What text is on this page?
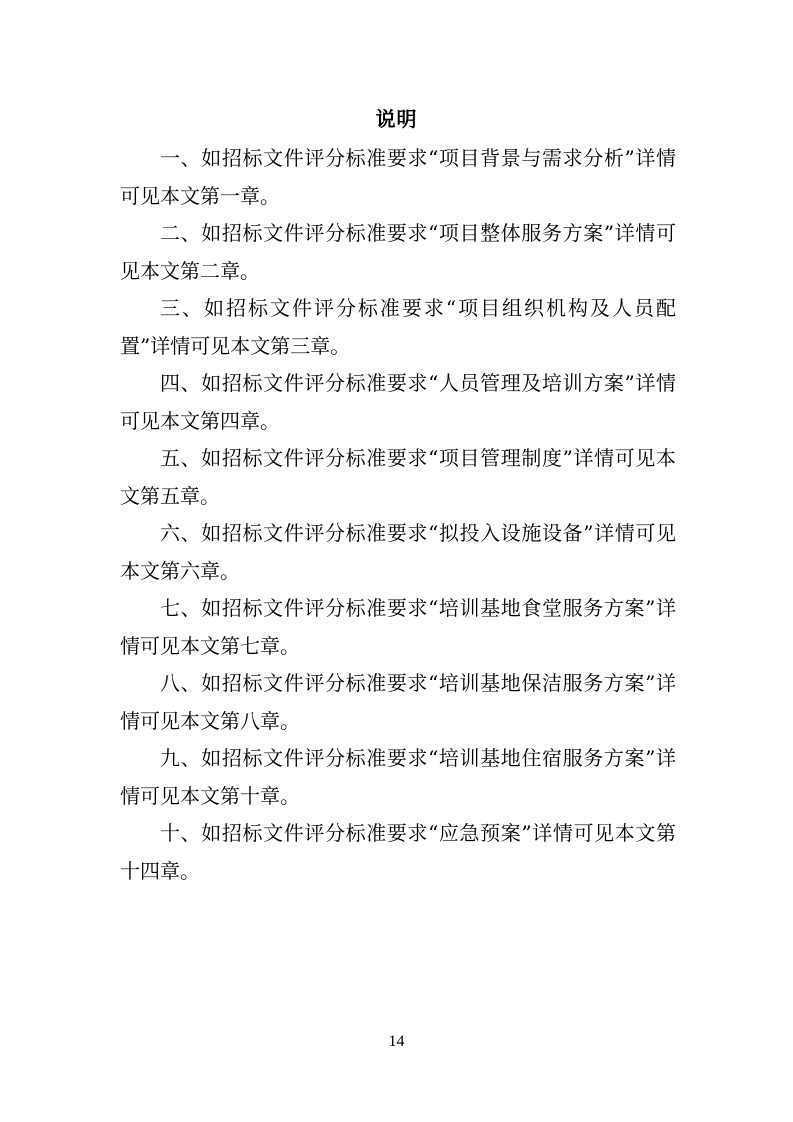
说明

一、如招标文件评分标准要求“项目背景与需求分析”详情可见本文第一章。

二、如招标文件评分标准要求“项目整体服务方案”详情可见本文第二章。

三、如招标文件评分标准要求“项目组织机构及人员配置”详情可见本文第三章。

四、如招标文件评分标准要求“人员管理及培训方案”详情可见本文第四章。

五、如招标文件评分标准要求“项目管理制度”详情可见本文第五章。

六、如招标文件评分标准要求“拟投入设施设备”详情可见本文第六章。

七、如招标文件评分标准要求“培训基地食堂服务方案”详情可见本文第七章。

八、如招标文件评分标准要求“培训基地保洁服务方案”详情可见本文第八章。

九、如招标文件评分标准要求“培训基地住宿服务方案”详情可见本文第十章。

十、如招标文件评分标准要求“应急预案”详情可见本文第十四章。

14
